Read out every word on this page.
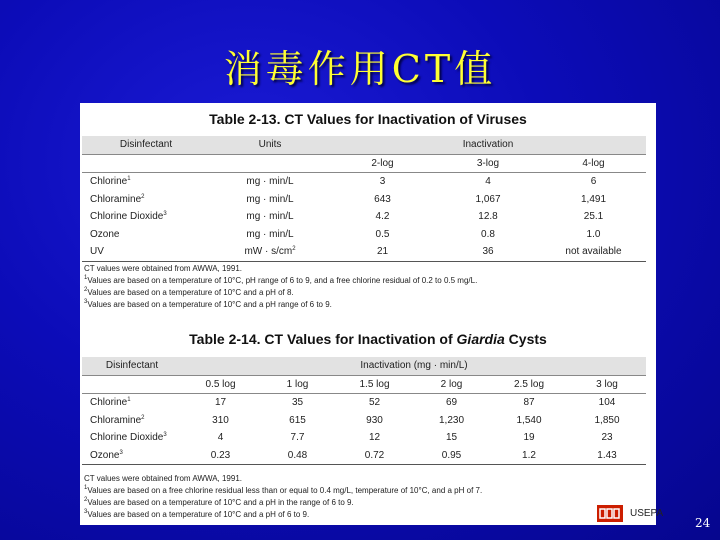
消毒作用CT值
Table 2-13. CT Values for Inactivation of Viruses
Disinfectant	Units	Inactivation		
		2-log	3-log	4-log
Chlorine$^1$	mg · min/L	3	4	6
Chloramine$^2$	mg · min/L	643	1,067	1,491
Chlorine Dioxide$^3$	mg · min/L	4.2	12.8	25.1
Ozone	mg · min/L	0.5	0.8	1.0
UV	mW · $s/cm^2$	21	36	not available
CT values were obtained from AWWA, 1991.
$^1$Values are based on a temperature of 10°C, pH range of 6 to 9, and a free chlorine residual of 0.2 to 0.5 mg/L.
$^2$Values are based on a temperature of 10°C and a pH of 8.
$^3$Values are based on a temperature of 10°C and a pH range of 6 to 9.
Table 2-14. CT Values for Inactivation of Giardia Cysts
Disinfectant	Inactivation (mg · min/L)					
	0.5 log	1 log	1.5 log	2 log	2.5 log	3 log
Chlorine$^1$	17	35	52	69	87	104
Chloramine$^2$	310	615	930	1,230	1,540	1,850
Chlorine Dioxide$^3$	4	7.7	12	15	19	23
Ozone$^3$	0.23	0.48	0.72	0.95	1.2	1.43
CT values were obtained from AWWA, 1991.
$^1$Values are based on a free chlorine residual less than or equal to 0.4 mg/L, temperature of 10°C, and a pH of 7.
$^2$Values are based on a temperature of 10°C and a pH in the range of 6 to 9.
$^3$Values are based on a temperature of 10°C and a pH of 6 to 9.	USEPA
24
